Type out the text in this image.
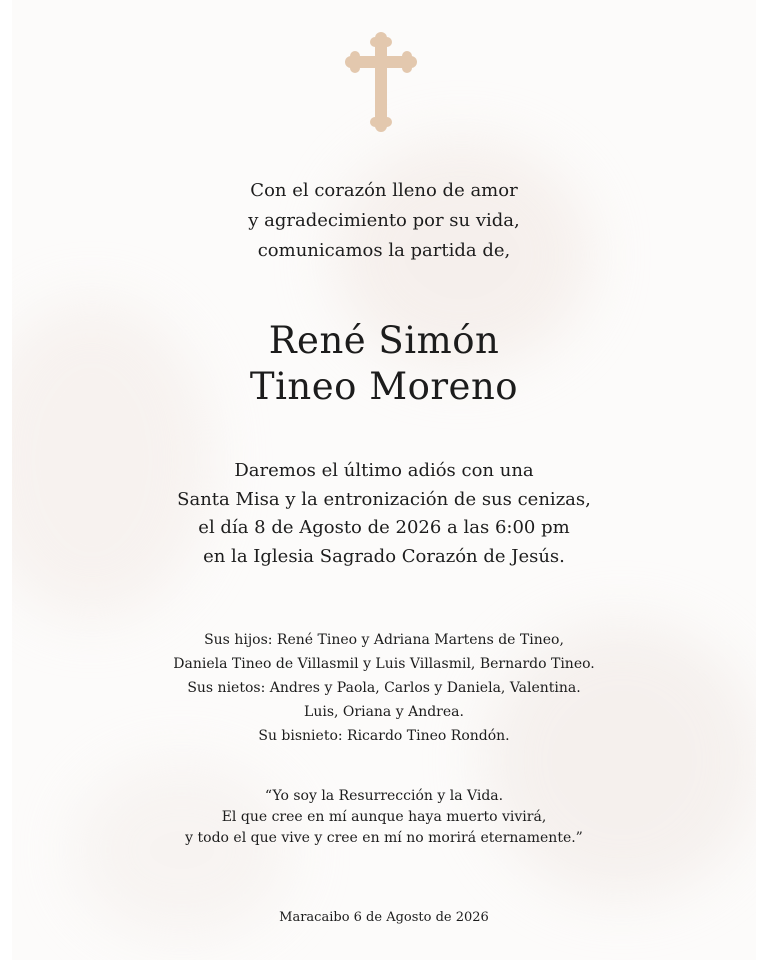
Con el corazón lleno de amor
y agradecimiento por su vida,
comunicamos la partida de,
René Simón
Tineo Moreno
Daremos el último adiós con una
Santa Misa y la entronización de sus cenizas,
el día 8 de Agosto de 2026 a las 6:00 pm
en la Iglesia Sagrado Corazón de Jesús.
Sus hijos: René Tineo y Adriana Martens de Tineo,
Daniela Tineo de Villasmil y Luis Villasmil, Bernardo Tineo.
Sus nietos: Andres y Paola, Carlos y Daniela, Valentina.
Luis, Oriana y Andrea.
Su bisnieto: Ricardo Tineo Rondón.
“Yo soy la Resurrección y la Vida.
El que cree en mí aunque haya muerto vivirá,
y todo el que vive y cree en mí no morirá eternamente.”
Maracaibo 6 de Agosto de 2026
